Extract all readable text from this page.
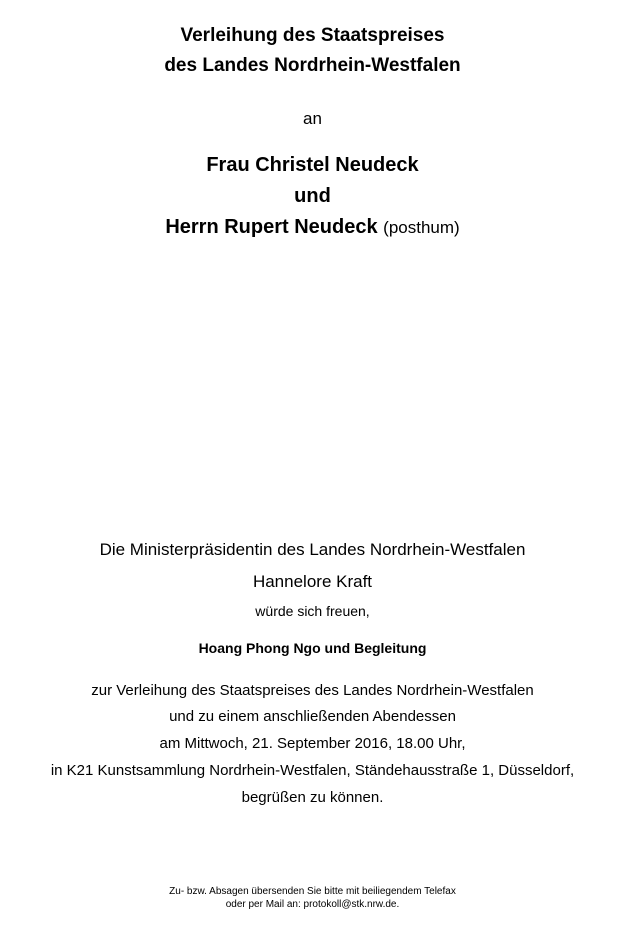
Verleihung des Staatspreises
des Landes Nordrhein-Westfalen
an
Frau Christel Neudeck
und
Herrn Rupert Neudeck (posthum)
Die Ministerpräsidentin des Landes Nordrhein-Westfalen
Hannelore Kraft
würde sich freuen,
Hoang Phong Ngo und Begleitung
zur Verleihung des Staatspreises des Landes Nordrhein-Westfalen
und zu einem anschließenden Abendessen
am Mittwoch, 21. September 2016, 18.00 Uhr,
in K21 Kunstsammlung Nordrhein-Westfalen, Ständehausstraße 1, Düsseldorf,
begrüßen zu können.
Zu- bzw. Absagen übersenden Sie bitte mit beiliegendem Telefax
oder per Mail an: protokoll@stk.nrw.de.
